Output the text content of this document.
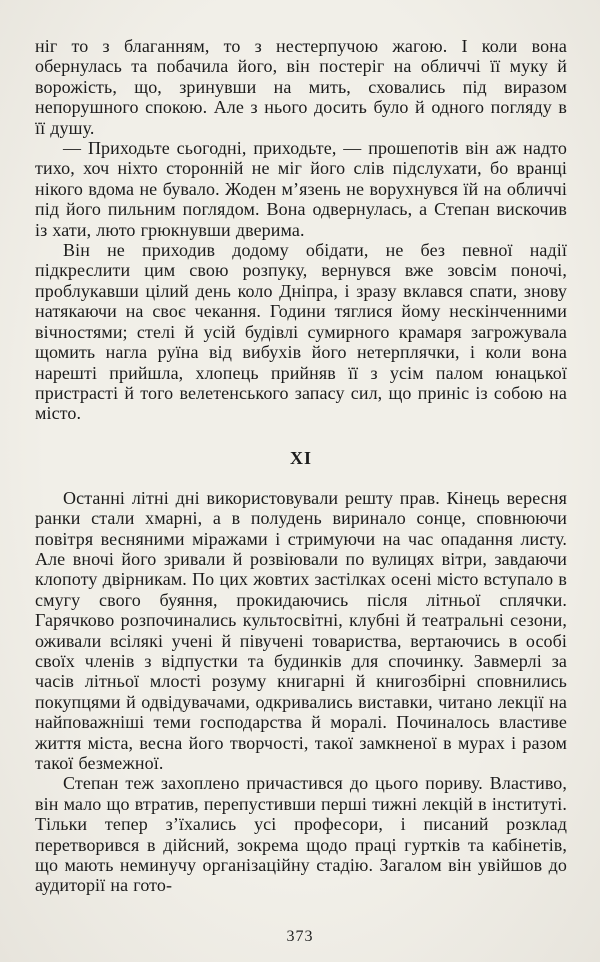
ніг то з благанням, то з нестерпучою жагою. І коли вона обернулась та побачила його, він постеріг на обличчі її муку й ворожість, що, зринувши на мить, сховались під виразом непорушного спокою. Але з нього досить було й одного погляду в її душу.

— Приходьте сьогодні, приходьте, — прошепотів він аж надто тихо, хоч ніхто сторонній не міг його слів підслухати, бо вранці нікого вдома не бувало. Жоден м’язень не ворухнувся їй на обличчі під його пильним поглядом. Вона одвернулась, а Степан вискочив із хати, люто грюкнувши дверима.

Він не приходив додому обідати, не без певної надії підкреслити цим свою розпуку, вернувся вже зовсім поночі, проблукавши цілий день коло Дніпра, і зразу вклався спати, знову натякаючи на своє чекання. Години тяглися йому нескінченними вічностями; стелі й усій будівлі сумирного крамаря загрожувала щомить нагла руїна від вибухів його нетерплячки, і коли вона нарешті прийшла, хлопець прийняв її з усім палом юнацької пристрасті й того велетенського запасу сил, що приніс із собою на місто.

XI

Останні літні дні використовували решту прав. Кінець вересня ранки стали хмарні, а в полудень виринало сонце, сповнюючи повітря весняними міражами і стримуючи на час опадання листу. Але вночі його зривали й розвіювали по вулицях вітри, завдаючи клопоту двірникам. По цих жовтих застілках осені місто вступало в смугу свого буяння, прокидаючись після літньої сплячки. Гарячково розпочинались культосвітні, клубні й театральні сезони, оживали всілякі учені й півучені товариства, вертаючись в особі своїх членів з відпустки та будинків для спочинку. Завмерлі за часів літньої млості розуму книгарні й книгозбірні сповнились покупцями й одвідувачами, одкривались виставки, читано лекції на найповажніші теми господарства й моралі. Починалось властиве життя міста, весна його творчості, такої замкненої в мурах і разом такої безмежної.

Степан теж захоплено причастився до цього пориву. Властиво, він мало що втратив, перепустивши перші тижні лекцій в інституті. Тільки тепер з’їхались усі професори, і писаний розклад перетворився в дійсний, зокрема щодо праці гуртків та кабінетів, що мають неминучу організаційну стадію. Загалом він увійшов до аудиторії на гото-

373
